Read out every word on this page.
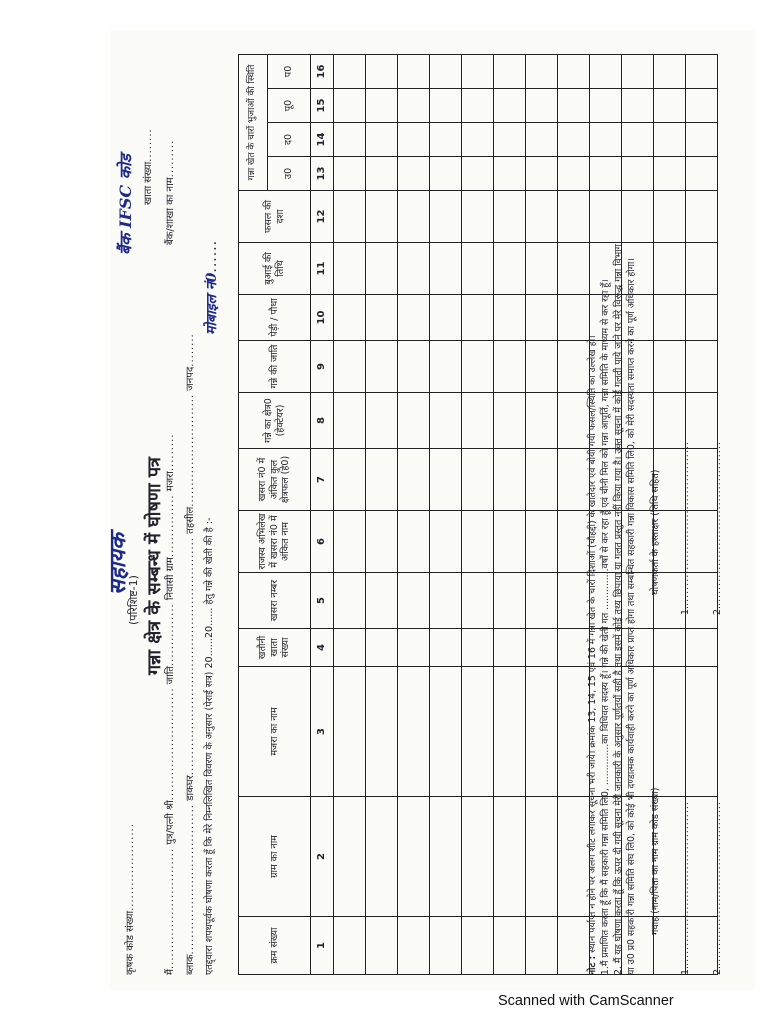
कृषक कोड संख्या.....................
(परिशिष्ट-1)
सहायक
बैंक IFSC कोड खाता संख्या........
गन्ना क्षेत्र के सम्बन्ध में घोषणा पत्र
बैंक/शाखा का नाम.........
मैं............................. पुत्र/पत्नी श्री........................... जाति............... निवासी ग्राम............... मजरा.........
ब्लाक.................................... डाकघर......................................................... तहसील........................... जनपद........
एतद्द्वारा शपथपूर्वक घोषणा करता हूँ कि मेरे निम्नलिखित विवरण के अनुसार (पेराई सत्र) 20......20...... हेतु गन्ने की खेती की है :-
मोबाइल नं0......
क्रम संख्या	ग्राम का नाम	मजरा का नाम	खतौनी खाता संख्या	खसरा नम्बर	राजस्व अभिलेख में खसरा नं0 में अंकित नाम	खसरा नं0 में अंकित कुल क्षेत्रफल (हे0)	गन्ने का क्षेत्र0 (हेक्टेयर)	गन्ने की जाति	पेड़ी / पौधा	बुआई की तिथि	फसल की दशा	गन्ना खेत के चारों भुजाओं की स्थिति			
												उ0	द0	पू0	प0
1	2	3	4	5	6	7	8	9	10	11	12	13	14	15	16

नोट : स्थान पर्याप्त न होने पर अलग शीट लगाकर सूचना भरी जाये। क्रमांक 13, 14, 15 एवं 16 में गन्ना खेत के चारों दिशाओं (चौहद्दी) के खातेदार एवं बोयी गयी फसल/स्थिति का उल्लेख हो। 1.मैं प्रमाणित करता हूँ कि मैं सहकारी गन्ना समिति लि0, ..............का विधिवत सदस्य हूँ। गन्ने की खेती गत ..............वर्षों से कर रहा हूँ एवं चीनी मिल को गन्ना आपूर्ति, गन्ना समिति के माध्यम से कर रहा हूँ। 2. मैं यह घोषणा करता हूँ कि ऊपर दी गयी सूचना मेरी जानकारी के अनुसार पूर्णतयाँ सही है तथा इसमें कोई तथ्य छिपाया या गलत प्रस्तुत नहीं किया गया है। उक्त सूचना में कोई गलती पाये जाने पर मेरे विरूद्ध गन्ना विभाग या उ0 प्र0 सहकारी गन्ना समिति संघ लि0, को कोई भी दण्डात्मक कार्यवाही करने का पूर्ण अधिकार प्राप्त होगा तथा सम्बन्धित सहकारी गन्ना विकास समिति लि0, को मेरी सदस्यता समाप्त करने का पूर्ण अधिकार होगा। गवाह (नाम/पिता का नाम ग्राम कोड संख्या)
1..........................................
2..........................................
घोषणकर्ता के हस्ताक्षर (तिथि सहित)
1..........................................
2..........................................
Scanned with CamScanner
